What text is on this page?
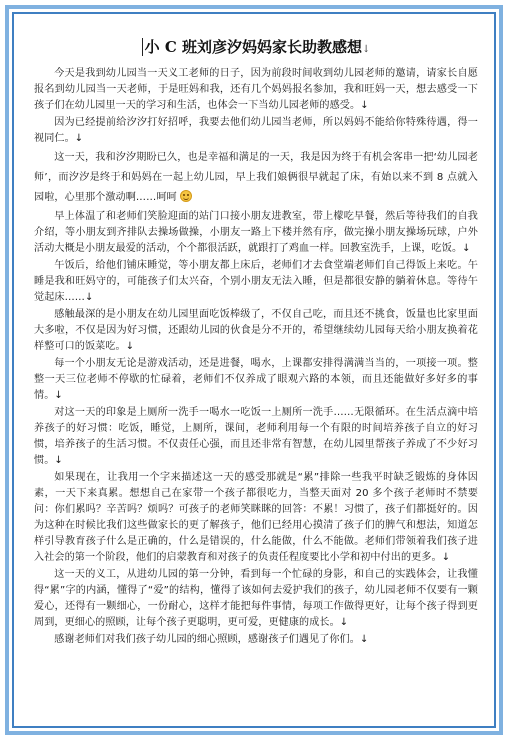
小 C 班刘彦汐妈妈家长助教感想↓

今天是我到幼儿园当一天义工老师的日子，因为前段时间收到幼儿园老师的邀请，请家长自愿报名到幼儿园当一天老师，于是旺妈和我，还有几个妈妈报名参加，我和旺妈一天，想去感受一下孩子们在幼儿园里一天的学习和生活，也体会一下当幼儿园老师的感受。↓

因为已经提前给汐汐打好招呼，我要去他们幼儿园当老师，所以妈妈不能给你特殊待遇，得一视同仁。↓

这一天，我和汐汐期盼已久，也是幸福和满足的一天，我是因为终于有机会客串一把‘幼儿园老师’，而汐汐是终于和妈妈在一起上幼儿园，早上我们娘俩很早就起了床，有始以来不到 8 点就入园啦，心里那个激动啊……呵呵

早上体温了和老师们笑脸迎面的站门口接小朋友进教室，带上檬吃早餐，然后等待我们的自我介绍，等小朋友到齐排队去操场做操，小朋友一路上下楼并然有序，做完操小朋友操场玩球，户外活动大概是小朋友最爱的活动，个个都很活跃，就跟打了鸡血一样。回教室洗手，上课，吃饭。↓

午饭后，给他们铺床睡觉，等小朋友都上床后，老师们才去食堂端老师们自己得饭上来吃。午睡是我和旺妈守的，可能孩子们太兴奋，个别小朋友无法入睡，但是都很安静的躺着休息。等待午觉起床……↓

感触最深的是小朋友在幼儿园里面吃饭棒级了，不仅自己吃，而且还不挑食，饭量也比家里面大多啦，不仅是因为好习惯，还跟幼儿园的伙食是分不开的，希望继续幼儿园每天给小朋友换着花样整可口的饭菜吃。↓

每一个小朋友无论是游戏活动，还是进餐，喝水，上课都安排得满满当当的，一项接一项。整整一天三位老师不停歇的忙碌着，老师们不仅养成了眼观六路的本领，而且还能做好多好多的事情。↓

对这一天的印象是上厕所一洗手一喝水一吃饭一上厕所一洗手……无限循环。在生活点滴中培养孩子的好习惯：吃饭，睡觉，上厕所，课间，老师利用每一个有限的时间培养孩子自立的好习惯，培养孩子的生活习惯。不仅责任心强，而且还非常有智慧，在幼儿园里帮孩子养成了不少好习惯。↓

如果现在，让我用一个字来描述这一天的感受那就是“累”排除一些我平时缺乏锻炼的身体因素，一天下来真累。想想自己在家带一个孩子都很吃力，当整天面对 20 多个孩子老师时不禁要问：你们累吗？辛苦吗？烦吗？可孩子的老师笑眯眯的回答：不累！习惯了，孩子们都挺好的。因为这种在时候比我们这些做家长的更了解孩子，他们已经用心摸清了孩子们的脾气和想法，知道怎样引导教育孩子什么是正确的，什么是错误的，什么能做，什么不能做。老师们带领着我们孩子进入社会的第一个阶段，他们的启蒙教育和对孩子的负责任程度要比小学和初中付出的更多。↓

这一天的义工，从进幼儿园的第一分钟，看到每一个忙碌的身影，和自己的实践体会，让我懂得“累”字的内涵，懂得了“爱”的结构，懂得了该如何去爱护我们的孩子，幼儿园老师不仅要有一颗爱心，还得有一颗细心，一份耐心，这样才能把每件事情，每项工作做得更好，让每个孩子得到更周到，更细心的照顾，让每个孩子更聪明，更可爱，更健康的成长。↓

感谢老师们对我们孩子幼儿园的细心照顾，感谢孩子们遇见了你们。↓
